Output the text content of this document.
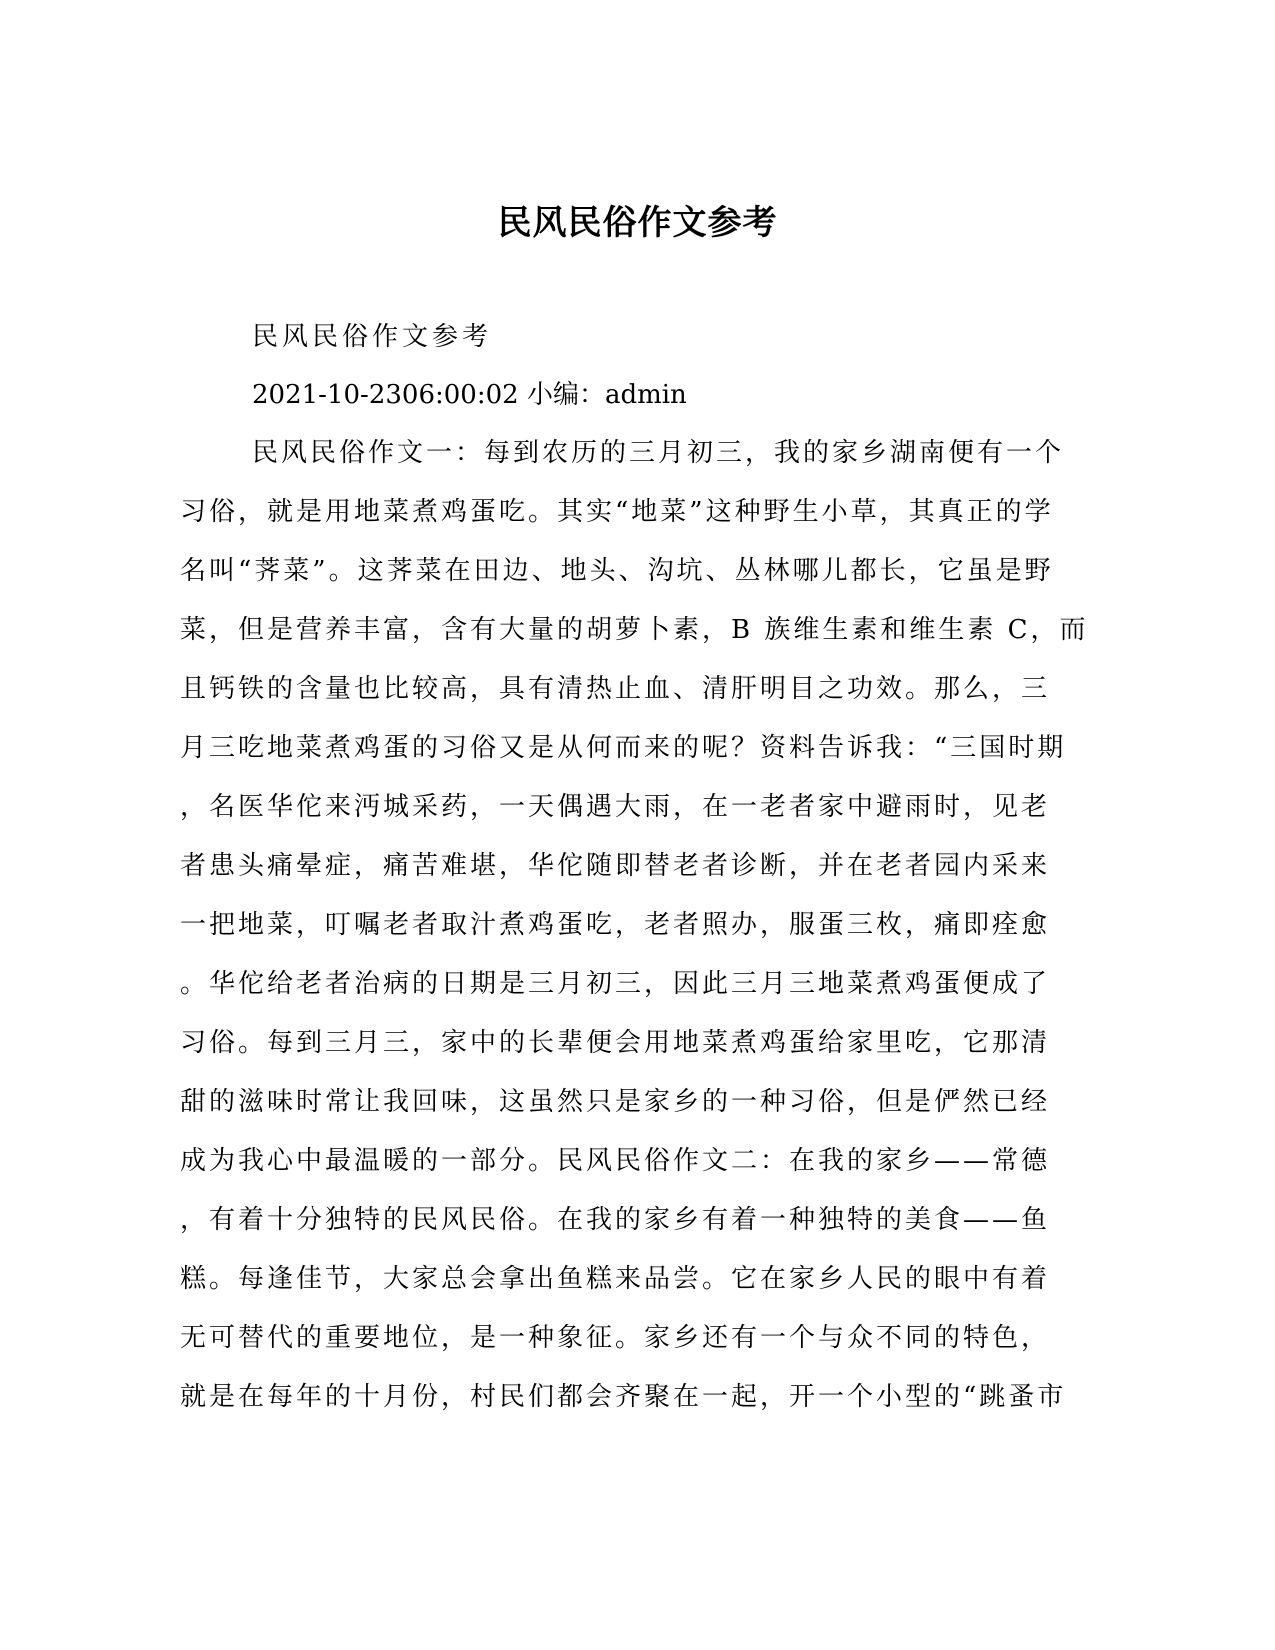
民风民俗作文参考

民风民俗作文参考

2021-10-2306:00:02 小编：admin

民风民俗作文一：每到农历的三月初三，我的家乡湖南便有一个
习俗，就是用地菜煮鸡蛋吃。其实“地菜”这种野生小草，其真正的学
名叫“荠菜”。这荠菜在田边、地头、沟坑、丛林哪儿都长，它虽是野
菜，但是营养丰富，含有大量的胡萝卜素，B 族维生素和维生素 C，而
且钙铁的含量也比较高，具有清热止血、清肝明目之功效。那么，三
月三吃地菜煮鸡蛋的习俗又是从何而来的呢？资料告诉我：“三国时期
，名医华佗来沔城采药，一天偶遇大雨，在一老者家中避雨时，见老
者患头痛晕症，痛苦难堪，华佗随即替老者诊断，并在老者园内采来
一把地菜，叮嘱老者取汁煮鸡蛋吃，老者照办，服蛋三枚，痛即痊愈
。华佗给老者治病的日期是三月初三，因此三月三地菜煮鸡蛋便成了
习俗。每到三月三，家中的长辈便会用地菜煮鸡蛋给家里吃，它那清
甜的滋味时常让我回味，这虽然只是家乡的一种习俗，但是俨然已经
成为我心中最温暖的一部分。民风民俗作文二：在我的家乡——常德
，有着十分独特的民风民俗。在我的家乡有着一种独特的美食——鱼
糕。每逢佳节，大家总会拿出鱼糕来品尝。它在家乡人民的眼中有着
无可替代的重要地位，是一种象征。家乡还有一个与众不同的特色，
就是在每年的十月份，村民们都会齐聚在一起，开一个小型的“跳蚤市
